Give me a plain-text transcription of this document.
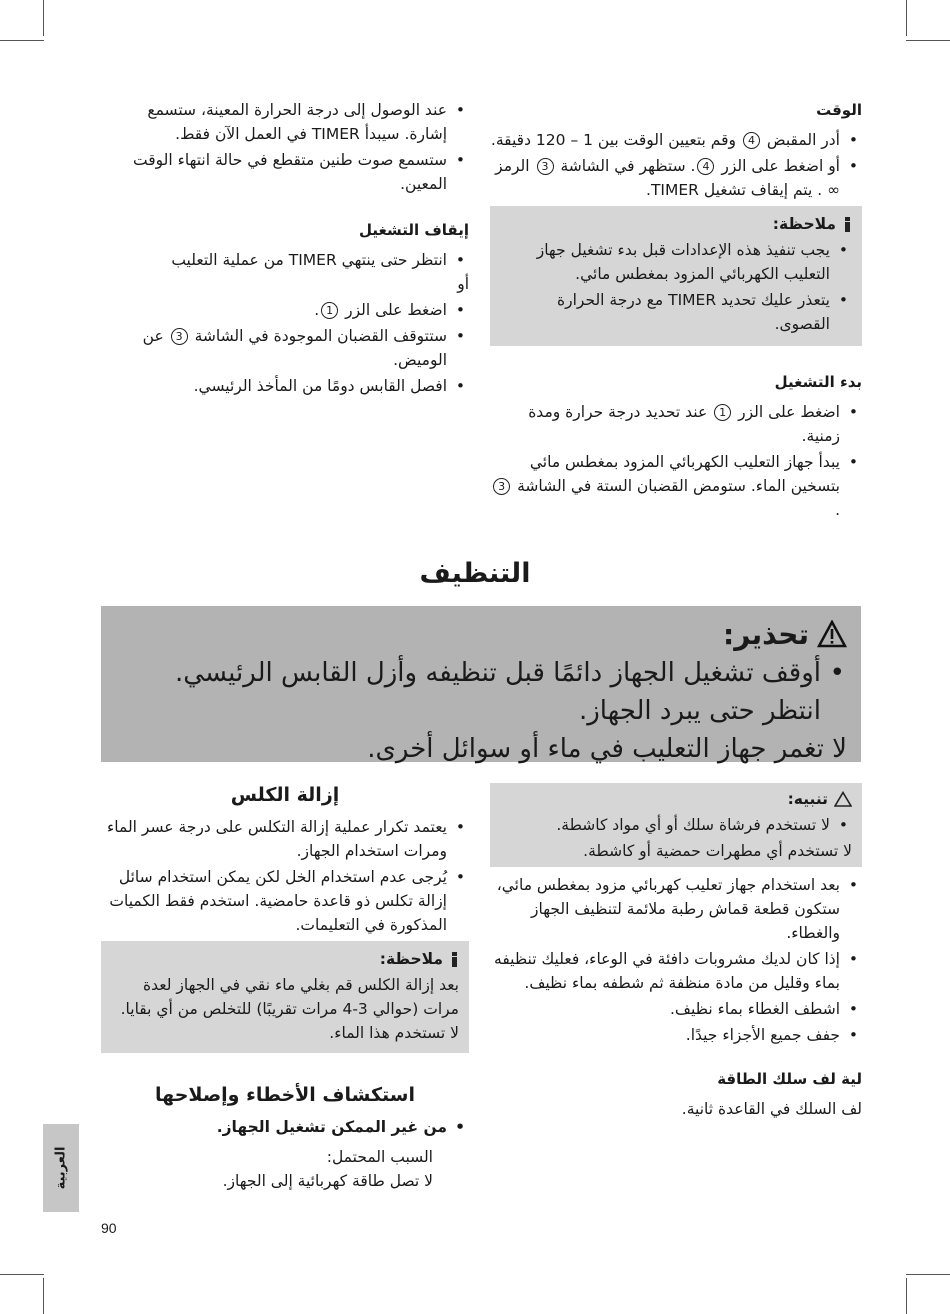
الوقت
• أدر المقبض 4 وقم بتعيين الوقت بين 1 – 120 دقيقة.
• أو اضغط على الزر 4. ستظهر في الشاشة 3 الرمز ∞ . يتم إيقاف تشغيل TIMER.
ملاحظة:
• يجب تنفيذ هذه الإعدادات قبل بدء تشغيل جهاز التعليب الكهربائي المزود بمغطس مائي.
• يتعذر عليك تحديد TIMER مع درجة الحرارة القصوى.
بدء التشغيل
• اضغط على الزر 1 عند تحديد درجة حرارة ومدة زمنية.
• يبدأ جهاز التعليب الكهربائي المزود بمغطس مائي بتسخين الماء. ستومض القضبان الستة في الشاشة 3.
• عند الوصول إلى درجة الحرارة المعينة، ستسمع إشارة. سيبدأ TIMER في العمل الآن فقط.
• ستسمع صوت طنين متقطع في حالة انتهاء الوقت المعين.
إيقاف التشغيل
• انتظر حتى ينتهي TIMER من عملية التعليب
أو
• اضغط على الزر 1.
• ستتوقف القضبان الموجودة في الشاشة 3 عن الوميض.
• افصل القابس دومًا من المأخذ الرئيسي.
التنظيف
تحذير:
• أوقف تشغيل الجهاز دائمًا قبل تنظيفه وأزل القابس الرئيسي. انتظر حتى يبرد الجهاز.
لا تغمر جهاز التعليب في ماء أو سوائل أخرى.
تنبيه:
• لا تستخدم فرشاة سلك أو أي مواد كاشطة.
لا تستخدم أي مطهرات حمضية أو كاشطة.
• بعد استخدام جهاز تعليب كهربائي مزود بمغطس مائي، ستكون قطعة قماش رطبة ملائمة لتنظيف الجهاز والغطاء.
• إذا كان لديك مشروبات دافئة في الوعاء، فعليك تنظيفه بماء وقليل من مادة منظفة ثم شطفه بماء نظيف.
• اشطف الغطاء بماء نظيف.
• جفف جميع الأجزاء جيدًا.
لية لف سلك الطاقة
لف السلك في القاعدة ثانية.
إزالة الكلس
• يعتمد تكرار عملية إزالة التكلس على درجة عسر الماء ومرات استخدام الجهاز.
• يُرجى عدم استخدام الخل لكن يمكن استخدام سائل إزالة تكلس ذو قاعدة حامضية. استخدم فقط الكميات المذكورة في التعليمات.
ملاحظة:
بعد إزالة الكلس قم بغلي ماء نقي في الجهاز لعدة مرات (حوالي 3-4 مرات تقريبًا) للتخلص من أي بقايا. لا تستخدم هذا الماء.
استكشاف الأخطاء وإصلاحها
• من غير الممكن تشغيل الجهاز.
السبب المحتمل:
لا تصل طاقة كهربائية إلى الجهاز.
العربية
90
